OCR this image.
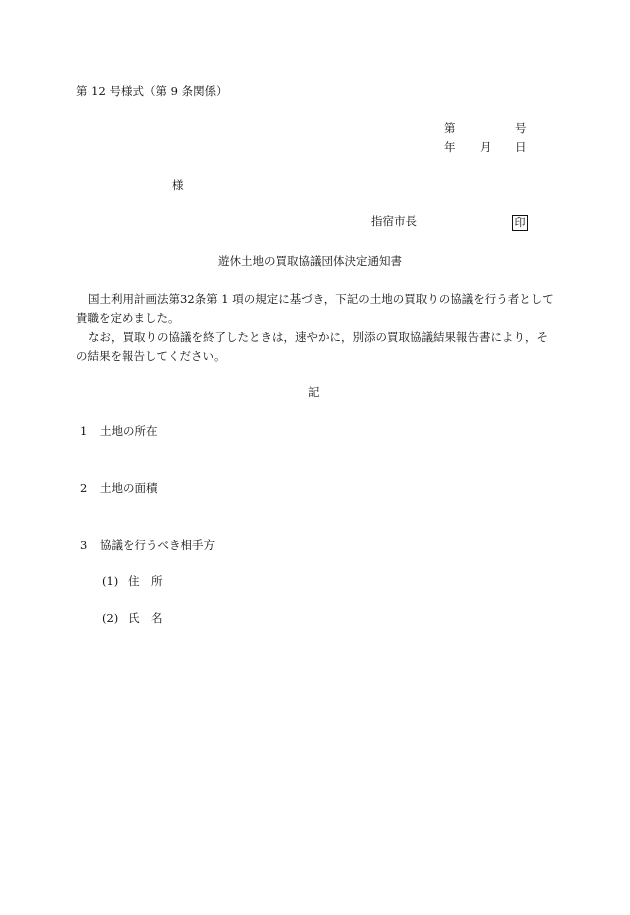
第 12 号様式（第 9 条関係）
第	号
年 月 日
様
指宿市長	印
遊休土地の買取協議団体決定通知書
国土利用計画法第32条第 1 項の規定に基づき，下記の土地の買取りの協議を行う者として貴職を定めました。
なお，買取りの協議を終了したときは，速やかに，別添の買取協議結果報告書により，その結果を報告してください。
記
1 土地の所在
2 土地の面積
3 協議を行うべき相手方
(1) 住　所
(2) 氏　名
